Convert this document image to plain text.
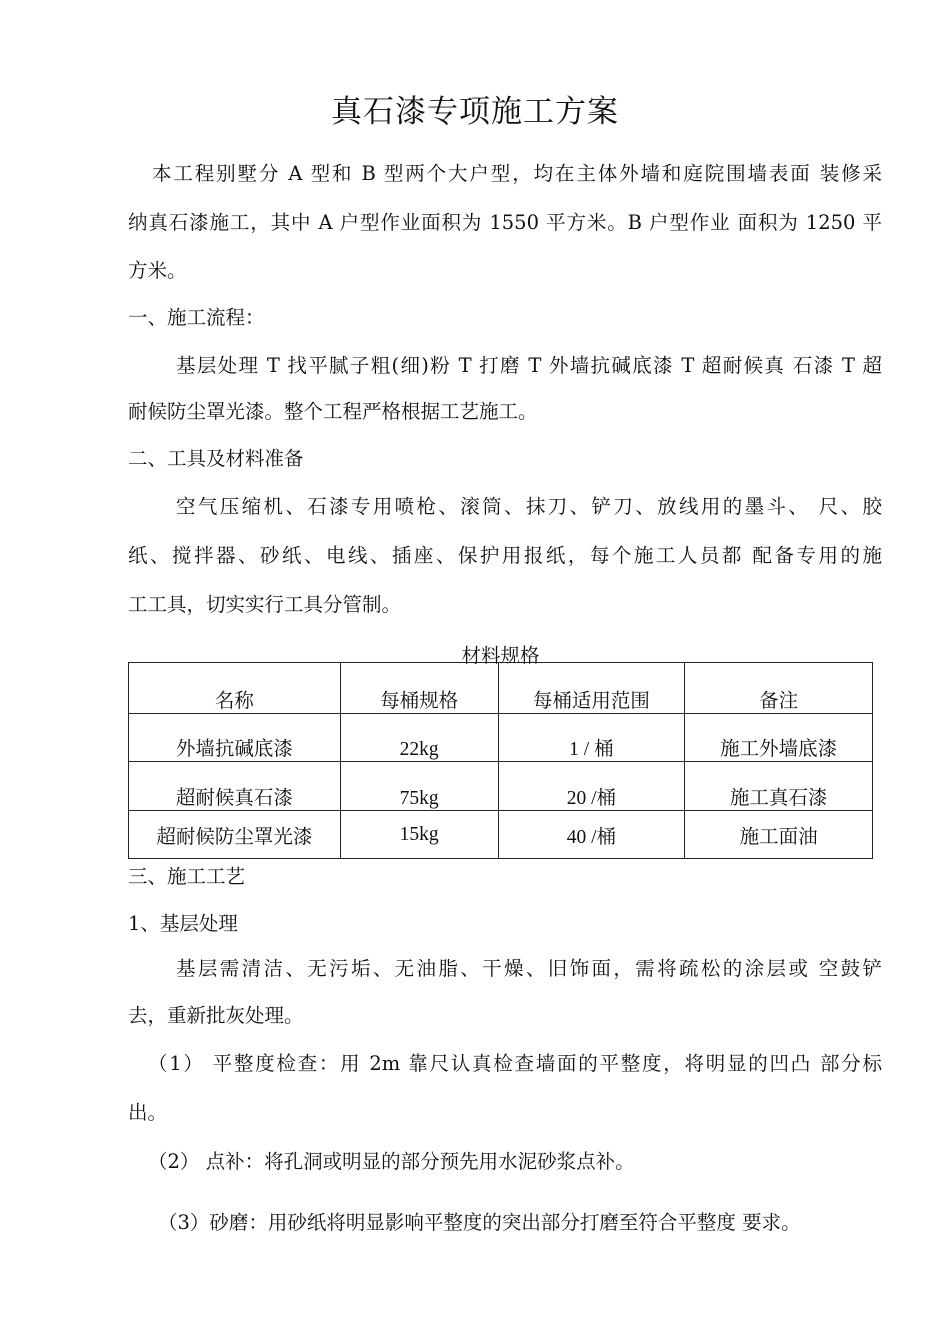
真石漆专项施工方案
本工程别墅分 A 型和 B 型两个大户型，均在主体外墙和庭院围墙表面 装修采
纳真石漆施工，其中 A 户型作业面积为 1550 平方米。B 户型作业 面积为 1250 平
方米。
一、施工流程：
基层处理 T 找平腻子粗(细)粉 T 打磨 T 外墙抗碱底漆 T 超耐候真 石漆 T 超
耐候防尘罩光漆。整个工程严格根据工艺施工。
二、工具及材料准备
空气压缩机、石漆专用喷枪、滚筒、抹刀、铲刀、放线用的墨斗、 尺、胶
纸、搅拌器、砂纸、电线、插座、保护用报纸，每个施工人员都 配备专用的施
工工具，切实实行工具分管制。
材料规格
名称	每桶规格	每桶适用范围	备注
外墙抗碱底漆	22kg	1 / 桶	施工外墙底漆
超耐候真石漆	75kg	20 /桶	施工真石漆
超耐候防尘罩光漆	15kg	40 /桶	施工面油
三、施工工艺
1、基层处理
基层需清洁、无污垢、无油脂、干燥、旧饰面，需将疏松的涂层或 空鼓铲
去，重新批灰处理。
（1） 平整度检查：用 2m 靠尺认真检查墙面的平整度，将明显的凹凸 部分标
出。
（2） 点补：将孔洞或明显的部分预先用水泥砂浆点补。
（3）砂磨：用砂纸将明显影响平整度的突出部分打磨至符合平整度 要求。
